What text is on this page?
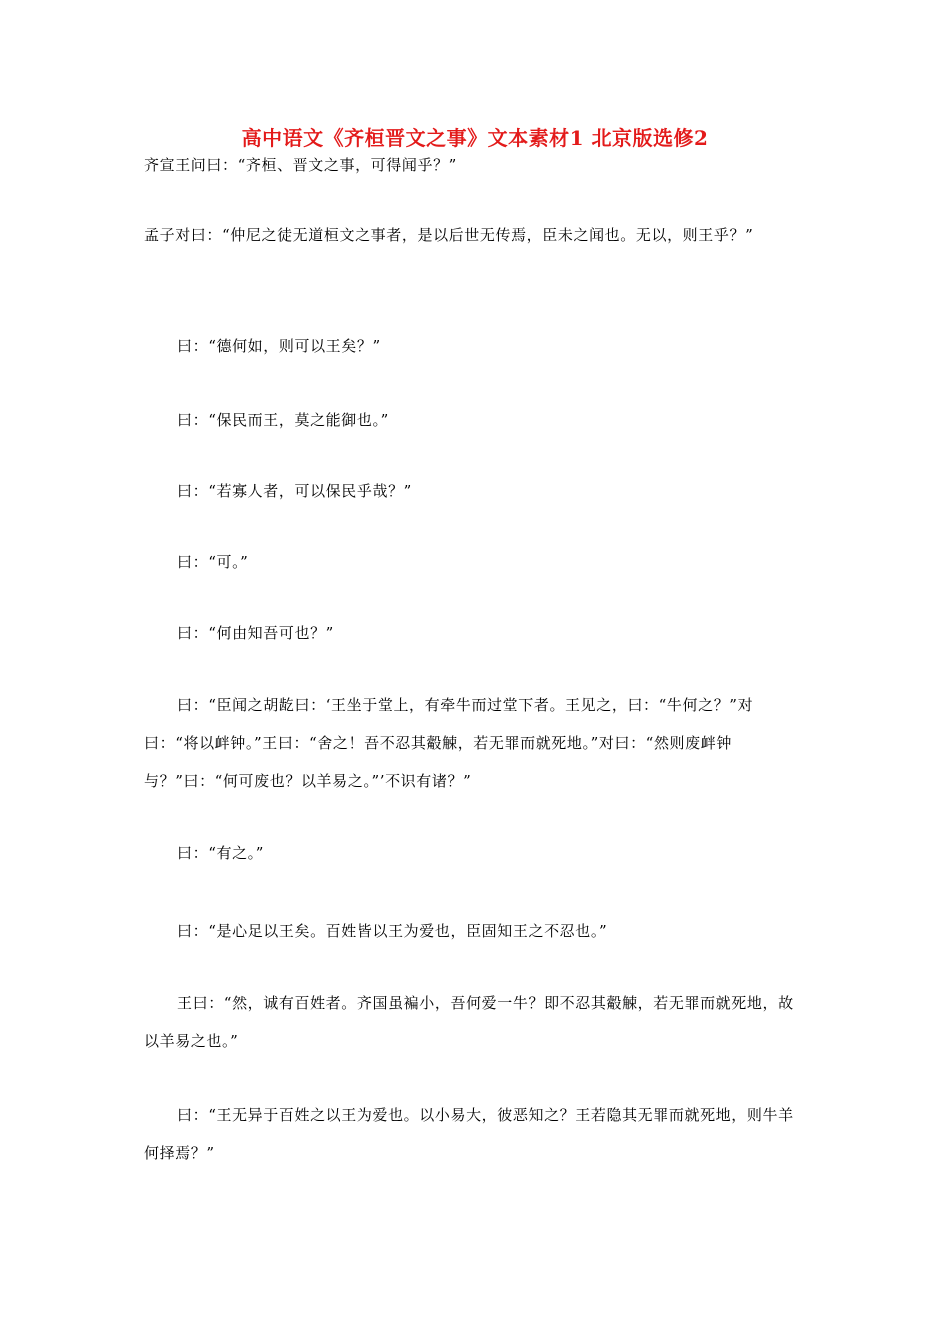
高中语文《齐桓晋文之事》文本素材1 北京版选修2
齐宣王问曰：“齐桓、晋文之事，可得闻乎？”
孟子对曰：“仲尼之徒无道桓文之事者，是以后世无传焉，臣未之闻也。无以，则王乎？”
曰：“德何如，则可以王矣？”
曰：“保民而王，莫之能御也。”
曰：“若寡人者，可以保民乎哉？”
曰：“可。”
曰：“何由知吾可也？”
曰：“臣闻之胡龁曰：‘王坐于堂上，有牵牛而过堂下者。王见之，曰：“牛何之？”对曰：“将以衅钟。”王曰：“舍之！吾不忍其觳觫，若无罪而就死地。”对曰：“然则废衅钟与？”曰：“何可废也？以羊易之。”’不识有诸？”
曰：“有之。”
曰：“是心足以王矣。百姓皆以王为爱也，臣固知王之不忍也。”
王曰：“然，诚有百姓者。齐国虽褊小，吾何爱一牛？即不忍其觳觫，若无罪而就死地，故以羊易之也。”
曰：“王无异于百姓之以王为爱也。以小易大，彼恶知之？王若隐其无罪而就死地，则牛羊何择焉？”
